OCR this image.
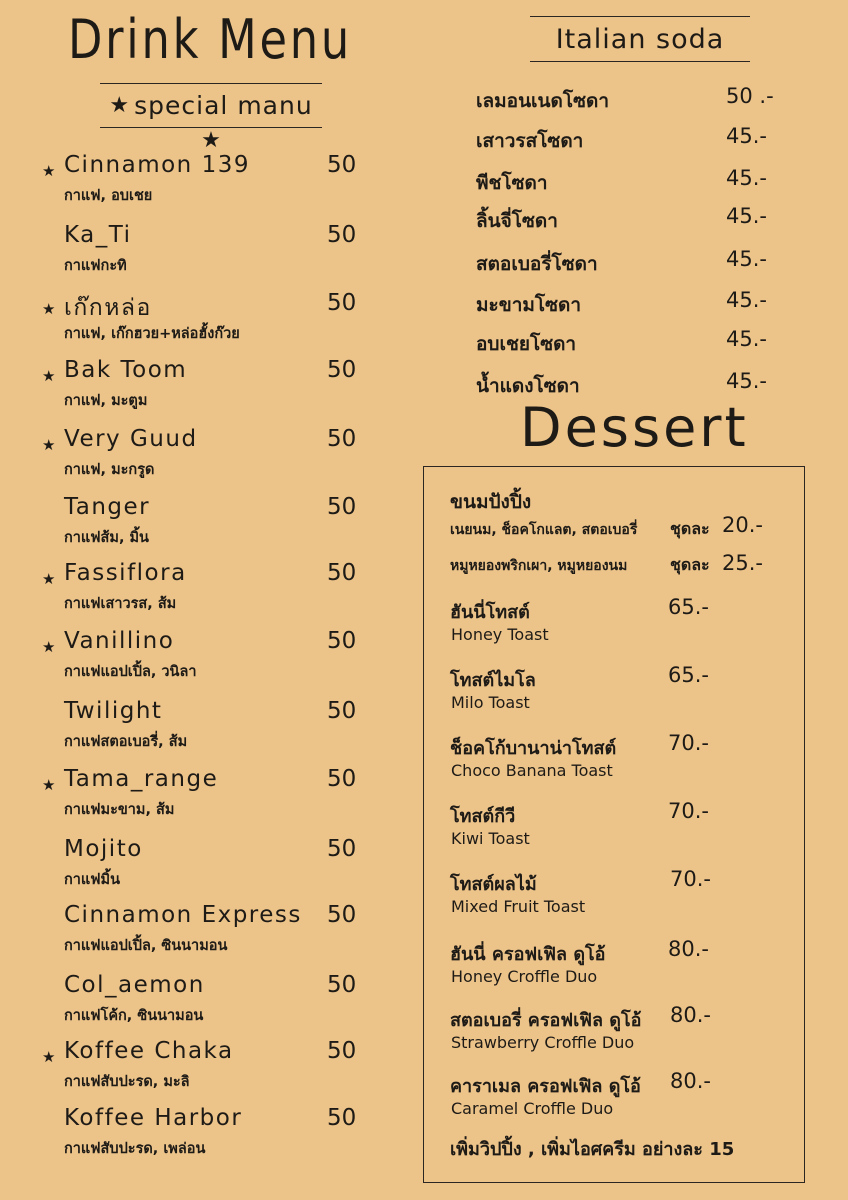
Drink Menu
★ special manu ★
★ Cinnamon 139
กาแฟ, อบเชย
50
Ka_Ti
กาแฟกะทิ
50
★ เก๊กหล่อ
กาแฟ, เก๊กฮวย+หล่อฮั้งก๊วย
50
★ Bak Toom
กาแฟ, มะตูม
50
★ Very Guud
กาแฟ, มะกรูด
50
Tanger
กาแฟส้ม, มิ้น
50
★ Fassiflora
กาแฟเสาวรส, ส้ม
50
★ Vanillino
กาแฟแอปเปิ้ล, วนิลา
50
Twilight
กาแฟสตอเบอรี่, ส้ม
50
★ Tama_range
กาแฟมะขาม, ส้ม
50
Mojito
กาแฟมิ้น
50
Cinnamon Express
กาแฟแอปเปิ้ล, ซินนามอน
50
Col_aemon
กาแฟโค้ก, ซินนามอน
50
★ Koffee Chaka
กาแฟสับปะรด, มะลิ
50
Koffee Harbor
กาแฟสับปะรด, เพล่อน
50
Italian soda
เลมอนเนดโซดา	50 .-
เสาวรสโซดา	45.-
พีชโซดา	45.-
ลิ้นจี่โซดา	45.-
สตอเบอรี่โซดา	45.-
มะขามโซดา	45.-
อบเชยโซดา	45.-
น้ำแดงโซดา	45.-
Dessert
ขนมปังปิ้ง
เนยนม, ช็อคโกแลต, สตอเบอรี่ ชุดละ 20.-
หมูหยองพริกเผา, หมูหยองนม	ชุดละ 25.-
ฮันนี่โทสต์
Honey Toast
65.-
โทสต์ไมโล
Milo Toast
65.-
ช็อคโก้บานาน่าโทสต์
Choco Banana Toast
70.-
โทสต์กีวี
Kiwi Toast
70.-
โทสต์ผลไม้
Mixed Fruit Toast
70.-
ฮันนี่ ครอฟเฟิล ดูโอ้
Honey Croffle Duo
80.-
สตอเบอรี่ ครอฟเฟิล ดูโอ้
Strawberry Croffle Duo
80.-
คาราเมล ครอฟเฟิล ดูโอ้
Caramel Croffle Duo
80.-
เพิ่มวิปปิ้ง , เพิ่มไอศครีม อย่างละ 15
